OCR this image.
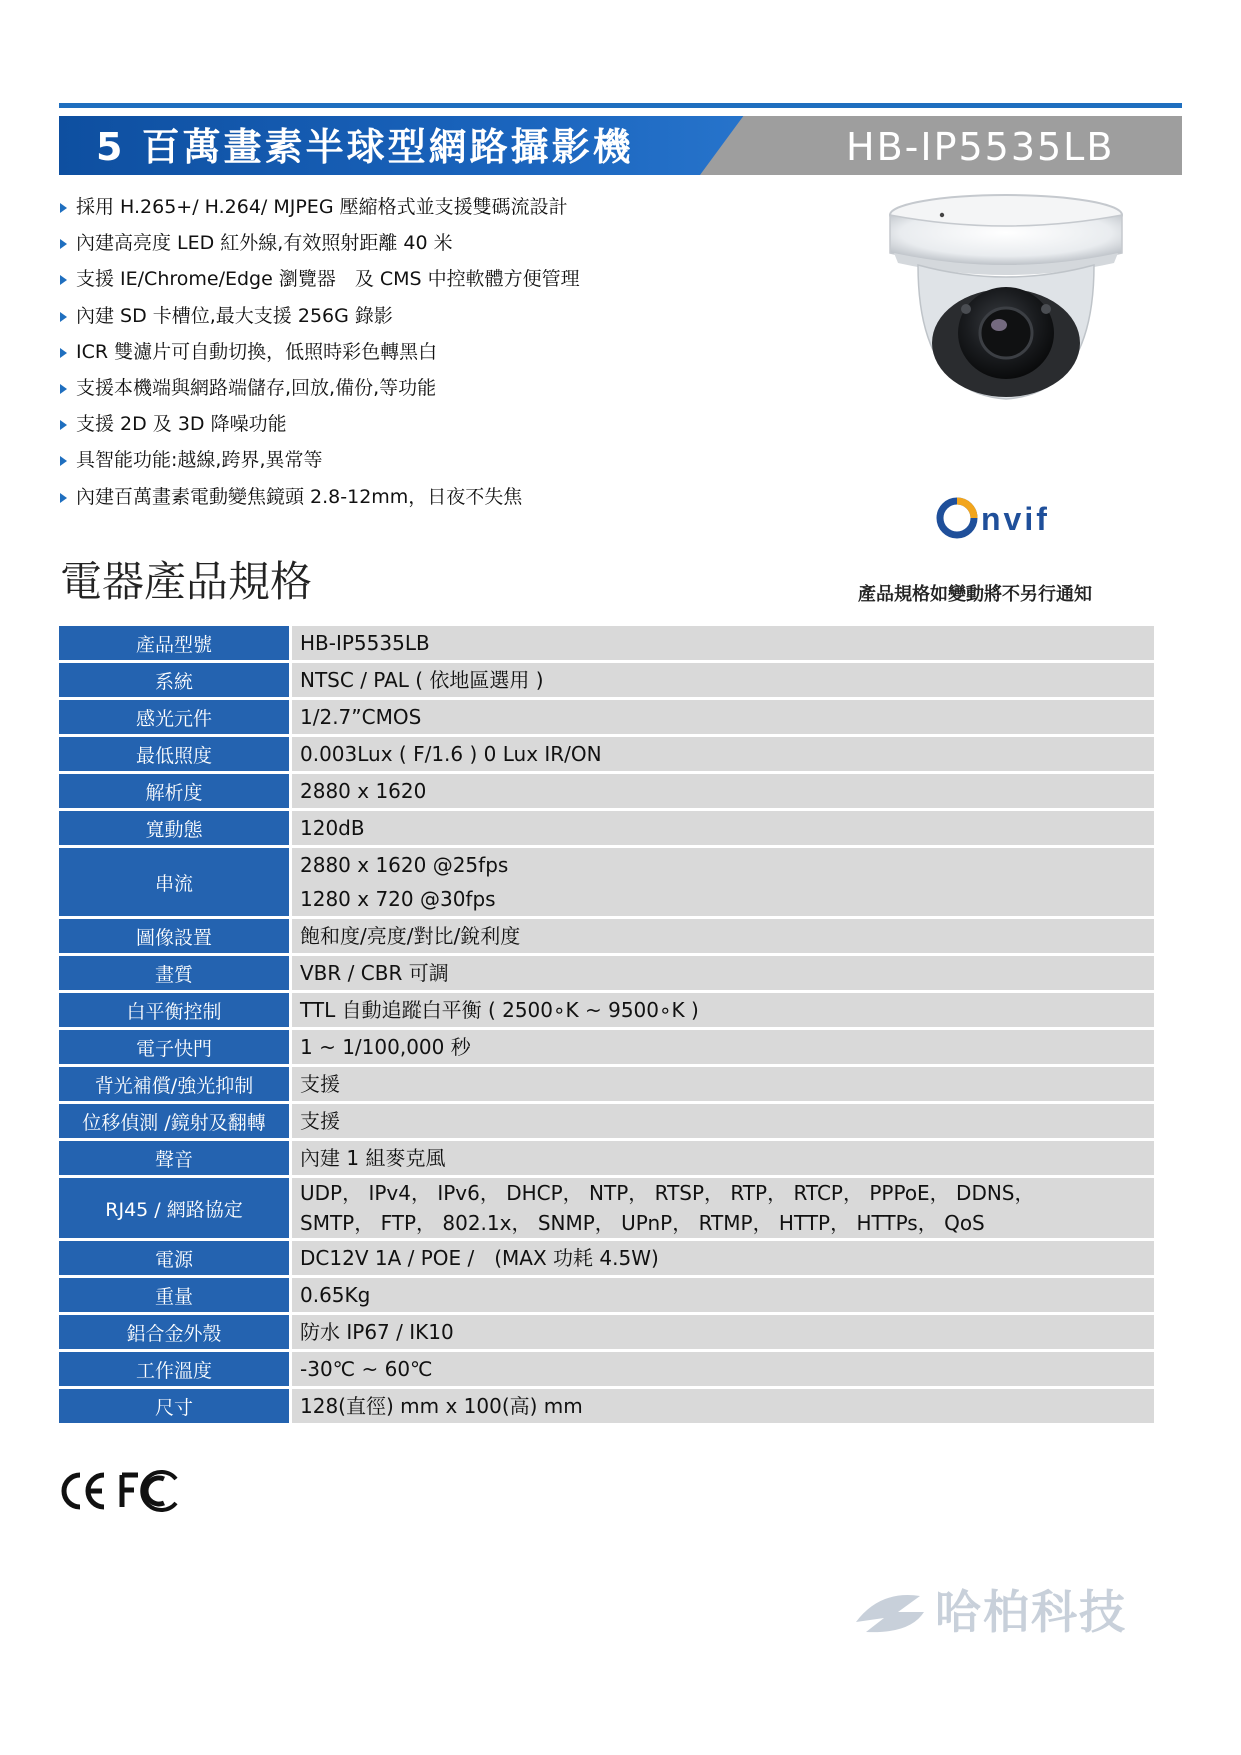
5 百萬畫素半球型網路攝影機	HB-IP5535LB
採用 H.265+/ H.264/ MJPEG 壓縮格式並支援雙碼流設計
內建高亮度 LED 紅外線,有效照射距離 40 米
支援 IE/Chrome/Edge 瀏覽器　及 CMS 中控軟體方便管理
內建 SD 卡槽位,最大支援 256G 錄影
ICR 雙濾片可自動切換，低照時彩色轉黑白
支援本機端與網路端儲存,回放,備份,等功能
支援 2D 及 3D 降噪功能
具智能功能:越線,跨界,異常等
內建百萬畫素電動變焦鏡頭 2.8-12mm，日夜不失焦
nvif
電器產品規格	產品規格如變動將不另行通知
產品型號	HB-IP5535LB

系統	NTSC / PAL ( 依地區選用 )

感光元件	1/2.7”CMOS

最低照度	0.003Lux ( F/1.6 ) 0 Lux IR/ON

解析度	2880 x 1620

寬動態	120dB

串流	2880 x 1620 @25fps
1280 x 720 @30fps

圖像設置	飽和度/亮度/對比/銳利度

畫質	VBR / CBR 可調

白平衡控制	TTL 自動追蹤白平衡 ( 2500∘K ~ 9500∘K )

電子快門	1 ~ 1/100,000 秒

背光補償/強光抑制	支援

位移偵測 /鏡射及翻轉	支援

聲音	內建 1 組麥克風

RJ45 / 網路協定	UDP， IPv4， IPv6， DHCP， NTP， RTSP， RTP， RTCP， PPPoE， DDNS，
SMTP， FTP， 802.1x， SNMP， UPnP， RTMP， HTTP， HTTPs， QoS

電源	DC12V 1A / POE /　(MAX 功耗 4.5W)

重量	0.65Kg

鋁合金外殼	防水 IP67 / IK10

工作溫度	-30℃ ~ 60℃

尺寸	128(直徑) mm x 100(高) mm
哈柏科技
